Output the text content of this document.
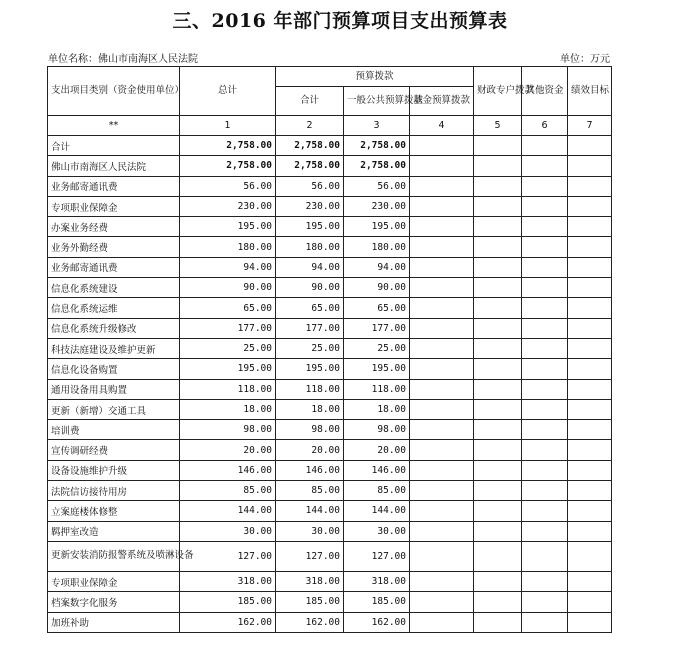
三、2016 年部门预算项目支出预算表
单位名称：佛山市南海区人民法院	单位：万元
支出项目类别（资金使用单位）	总计	预算拨款			财政专户拨款	其他资金	绩效目标
		合计	一般公共预算拨款	基金预算拨款			
**	1	2	3	4	5	6	7
合计	2,758.00	2,758.00	2,758.00				
佛山市南海区人民法院	2,758.00	2,758.00	2,758.00				
业务邮寄通讯费	56.00	56.00	56.00				
专项职业保障金	230.00	230.00	230.00				
办案业务经费	195.00	195.00	195.00				
业务外勤经费	180.00	180.00	180.00				
业务邮寄通讯费	94.00	94.00	94.00				
信息化系统建设	90.00	90.00	90.00				
信息化系统运维	65.00	65.00	65.00				
信息化系统升级修改	177.00	177.00	177.00				
科技法庭建设及维护更新	25.00	25.00	25.00				
信息化设备购置	195.00	195.00	195.00				
通用设备用具购置	118.00	118.00	118.00				
更新（新增）交通工具	18.00	18.00	18.00				
培训费	98.00	98.00	98.00				
宣传调研经费	20.00	20.00	20.00				
设备设施维护升级	146.00	146.00	146.00				
法院信访接待用房	85.00	85.00	85.00				
立案庭楼体修整	144.00	144.00	144.00				
羁押室改造	30.00	30.00	30.00				
更新安装消防报警系统及喷淋设备	127.00	127.00	127.00				
专项职业保障金	318.00	318.00	318.00				
档案数字化服务	185.00	185.00	185.00				
加班补助	162.00	162.00	162.00				
